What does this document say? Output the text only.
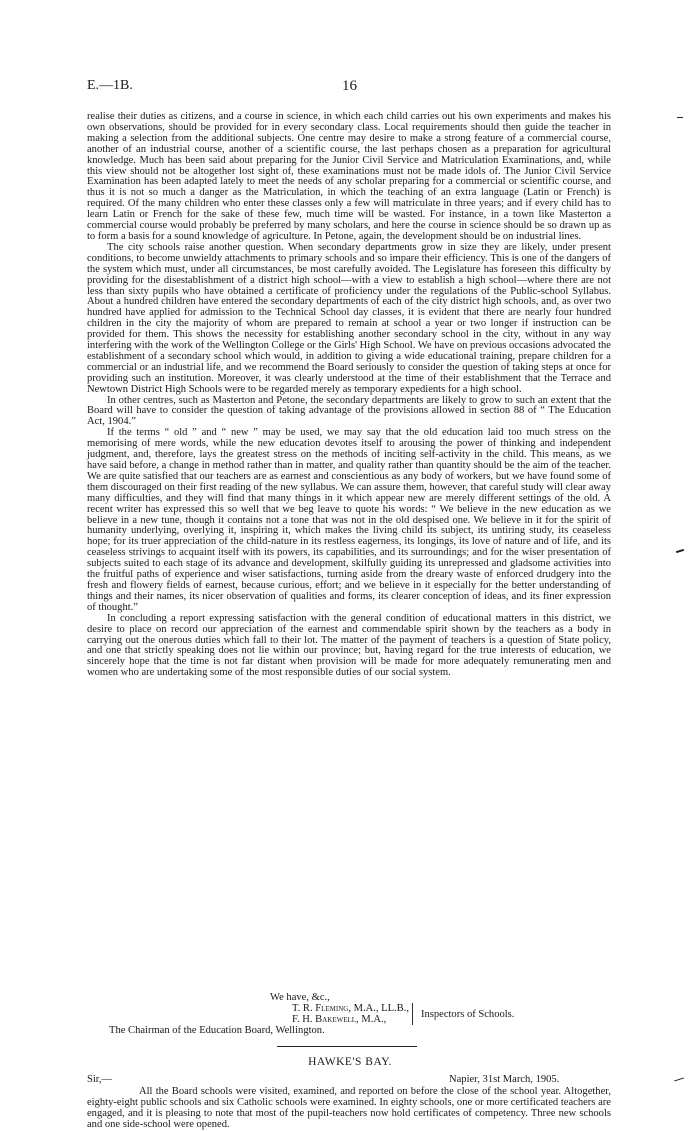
E.—1B.	16

realise their duties as citizens, and a course in science, in which each child carries out his own experiments and makes his own observations, should be provided for in every secondary class. Local requirements should then guide the teacher in making a selection from the additional subjects. One centre may desire to make a strong feature of a commercial course, another of an industrial course, another of a scientific course, the last perhaps chosen as a preparation for agricultural knowledge. Much has been said about preparing for the Junior Civil Service and Matriculation Examinations, and, while this view should not be altogether lost sight of, these examinations must not be made idols of. The Junior Civil Service Examination has been adapted lately to meet the needs of any scholar preparing for a commercial or scientific course, and thus it is not so much a danger as the Matriculation, in which the teaching of an extra language (Latin or French) is required. Of the many children who enter these classes only a few will matriculate in three years; and if every child has to learn Latin or French for the sake of these few, much time will be wasted. For instance, in a town like Masterton a commercial course would probably be preferred by many scholars, and here the course in science should be so drawn up as to form a basis for a sound knowledge of agriculture. In Petone, again, the development should be on industrial lines.

The city schools raise another question. When secondary departments grow in size they are likely, under present conditions, to become unwieldy attachments to primary schools and so impare their efficiency. This is one of the dangers of the system which must, under all circumstances, be most carefully avoided. The Legislature has foreseen this difficulty by providing for the disestablishment of a district high school—with a view to establish a high school—where there are not less than sixty pupils who have obtained a certificate of proficiency under the regulations of the Public-school Syllabus. About a hundred children have entered the secondary departments of each of the city district high schools, and, as over two hundred have applied for admission to the Technical School day classes, it is evident that there are nearly four hundred children in the city the majority of whom are prepared to remain at school a year or two longer if instruction can be provided for them. This shows the necessity for establishing another secondary school in the city, without in any way interfering with the work of the Wellington College or the Girls' High School. We have on previous occasions advocated the establishment of a secondary school which would, in addition to giving a wide educational training, prepare children for a commercial or an industrial life, and we recommend the Board seriously to consider the question of taking steps at once for providing such an institution. Moreover, it was clearly understood at the time of their establishment that the Terrace and Newtown District High Schools were to be regarded merely as temporary expedients for a high school.

In other centres, such as Masterton and Petone, the secondary departments are likely to grow to such an extent that the Board will have to consider the question of taking advantage of the provisions allowed in section 88 of “ The Education Act, 1904.”

If the terms “ old ” and “ new ” may be used, we may say that the old education laid too much stress on the memorising of mere words, while the new education devotes itself to arousing the power of thinking and independent judgment, and, therefore, lays the greatest stress on the methods of inciting self-activity in the child. This means, as we have said before, a change in method rather than in matter, and quality rather than quantity should be the aim of the teacher. We are quite satisfied that our teachers are as earnest and conscientious as any body of workers, but we have found some of them discouraged on their first reading of the new syllabus. We can assure them, however, that careful study will clear away many difficulties, and they will find that many things in it which appear new are merely different settings of the old. A recent writer has expressed this so well that we beg leave to quote his words: “ We believe in the new education as we believe in a new tune, though it contains not a tone that was not in the old despised one. We believe in it for the spirit of humanity underlying, overlying it, inspiring it, which makes the living child its subject, its untiring study, its ceaseless hope; for its truer appreciation of the child-nature in its restless eagerness, its longings, its love of nature and of life, and its ceaseless strivings to acquaint itself with its powers, its capabilities, and its surroundings; and for the wiser presentation of subjects suited to each stage of its advance and development, skilfully guiding its unrepressed and gladsome activities into the fruitful paths of experience and wiser satisfactions, turning aside from the dreary waste of enforced drudgery into the fresh and flowery fields of earnest, because curious, effort; and we believe in it especially for the better understanding of things and their names, its nicer observation of qualities and forms, its clearer conception of ideas, and its finer expression of thought.”

In concluding a report expressing satisfaction with the general condition of educational matters in this district, we desire to place on record our appreciation of the earnest and commendable spirit shown by the teachers as a body in carrying out the onerous duties which fall to their lot. The matter of the payment of teachers is a question of State policy, and one that strictly speaking does not lie within our province; but, having regard for the true interests of education, we sincerely hope that the time is not far distant when provision will be made for more adequately remunerating men and women who are undertaking some of the most responsible duties of our social system.

We have, &c.,
T. R. Fleming, M.A., LL.B.,
F. H. Bakewell, M.A.,	Inspectors of Schools.
The Chairman of the Education Board, Wellington.
HAWKE'S BAY.
Sir,—	Napier, 31st March, 1905.

All the Board schools were visited, examined, and reported on before the close of the school year. Altogether, eighty-eight public schools and six Catholic schools were examined. In eighty schools, one or more certificated teachers are engaged, and it is pleasing to note that most of the pupil-teachers now hold certificates of competency. Three new schools and one side-school were opened.
